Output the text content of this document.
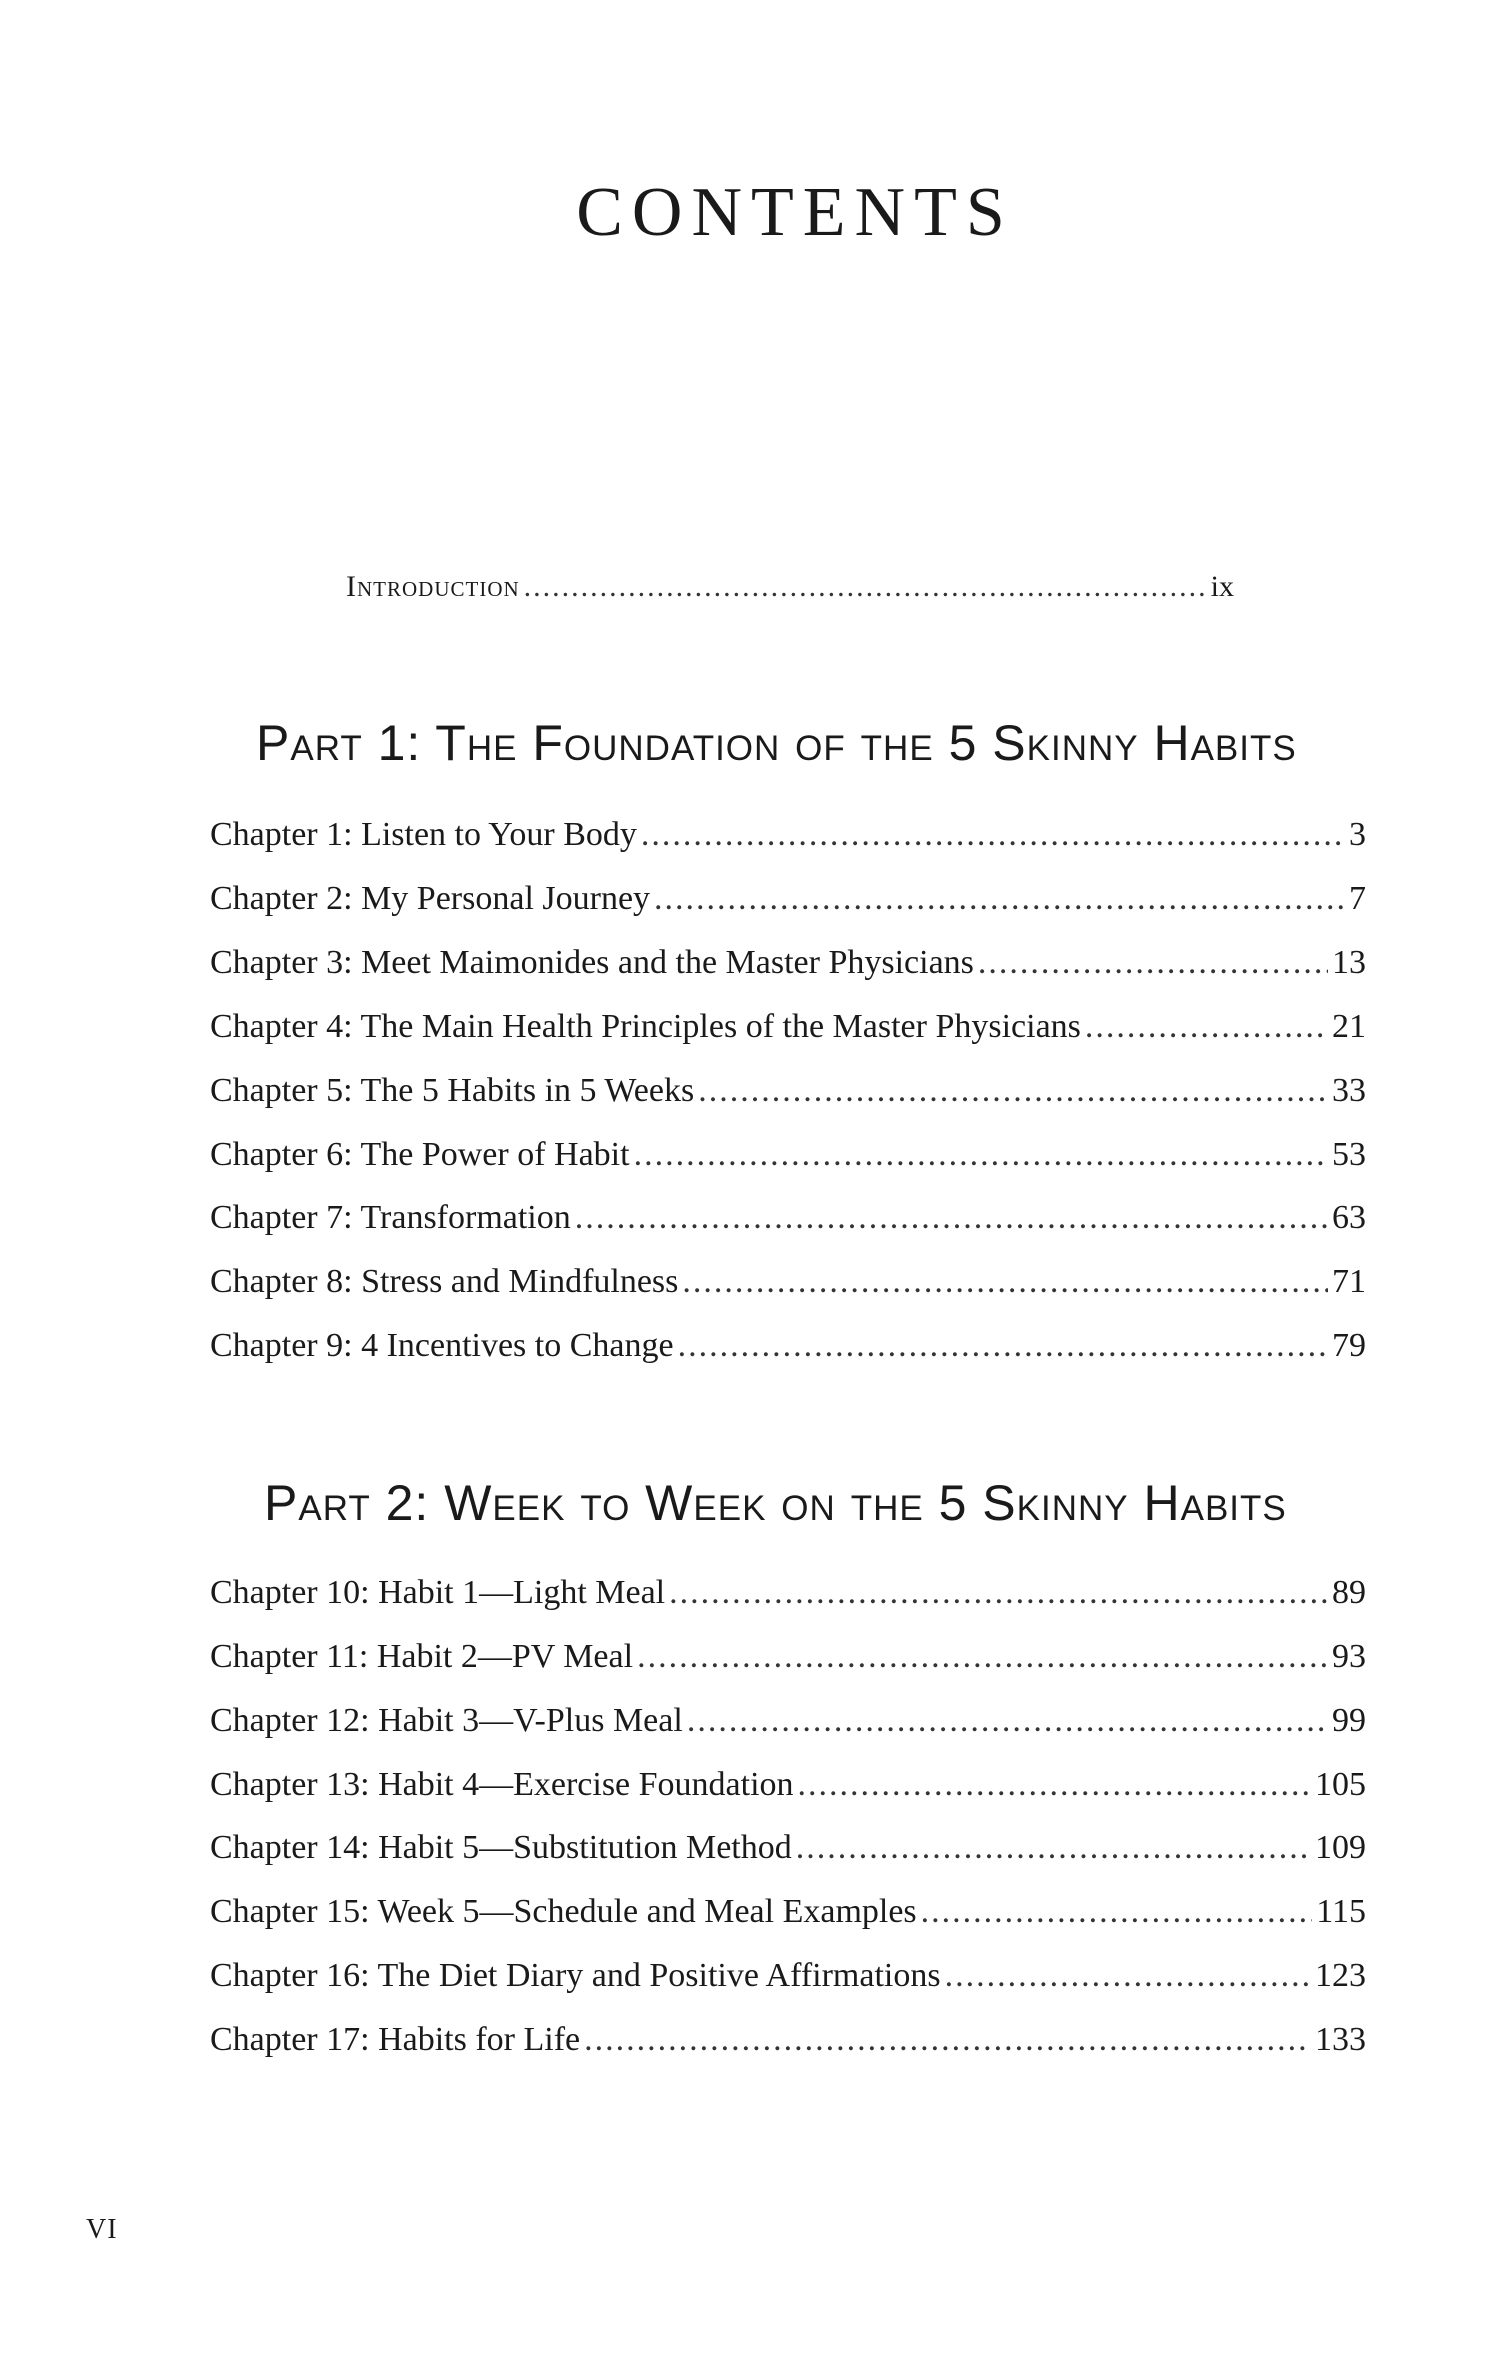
CONTENTS
Introduction .....	ix
Part 1: The Foundation of the 5 Skinny Habits
Chapter 1: Listen to Your Body .....	3
Chapter 2: My Personal Journey .....	7
Chapter 3: Meet Maimonides and the Master Physicians .....	13
Chapter 4: The Main Health Principles of the Master Physicians .....	21
Chapter 5: The 5 Habits in 5 Weeks .....	33
Chapter 6: The Power of Habit .....	53
Chapter 7: Transformation .....	63
Chapter 8: Stress and Mindfulness .....	71
Chapter 9: 4 Incentives to Change .....	79
Part 2: Week to Week on the 5 Skinny Habits
Chapter 10: Habit 1—Light Meal .....	89
Chapter 11: Habit 2—PV Meal .....	93
Chapter 12: Habit 3—V-Plus Meal .....	99
Chapter 13: Habit 4—Exercise Foundation .....	105
Chapter 14: Habit 5—Substitution Method .....	109
Chapter 15: Week 5—Schedule and Meal Examples .....	115
Chapter 16: The Diet Diary and Positive Affirmations .....	123
Chapter 17: Habits for Life .....	133
VI
